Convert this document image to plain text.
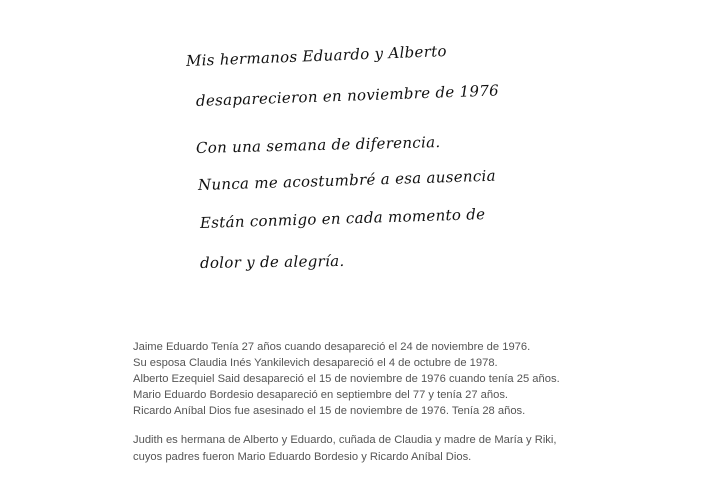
Mis hermanos Eduardo y Alberto
desaparecieron en noviembre de 1976
Con una semana de diferencia.
Nunca me acostumbré a esa ausencia
Están conmigo en cada momento de
dolor y de alegría.
Jaime Eduardo Tenía 27 años cuando desapareció el 24 de noviembre de 1976.
Su esposa Claudia Inés Yankilevich desapareció el 4 de octubre de 1978.
Alberto Ezequiel Said desapareció el 15 de noviembre de 1976 cuando tenía 25 años.
Mario Eduardo Bordesio desapareció en septiembre del 77 y tenía 27 años.
Ricardo Aníbal Dios fue asesinado el 15 de noviembre de 1976. Tenía 28 años.
Judith es hermana de Alberto y Eduardo, cuñada de Claudia y madre de María y Riki,
cuyos padres fueron Mario Eduardo Bordesio y Ricardo Aníbal Dios.
